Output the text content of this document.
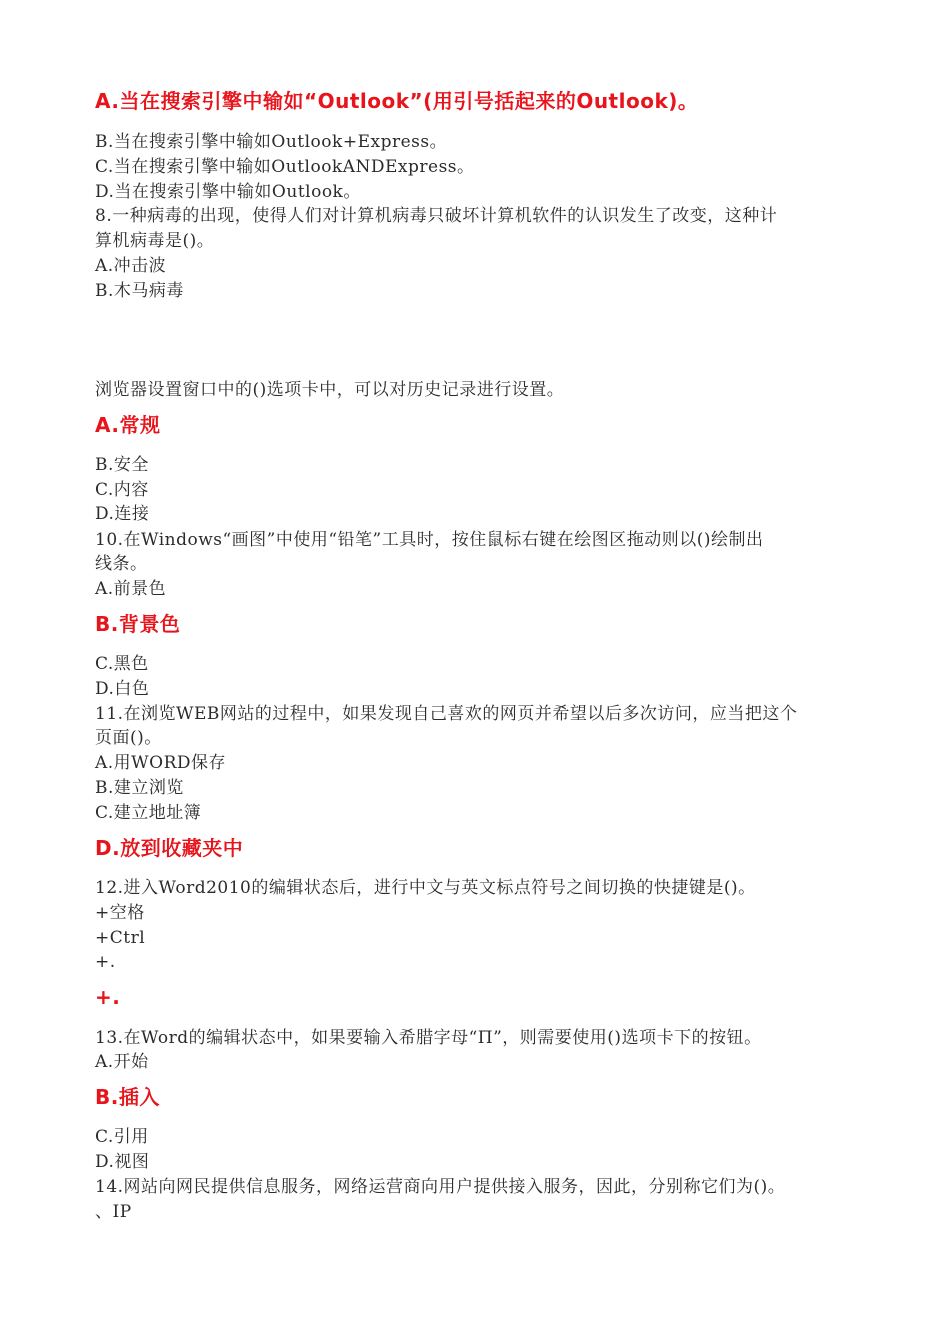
A.当在搜索引擎中输如“Outlook”(用引号括起来的Outlook)。
B.当在搜索引擎中输如Outlook+Express。
C.当在搜索引擎中输如OutlookANDExpress。
D.当在搜索引擎中输如Outlook。
8.一种病毒的出现，使得人们对计算机病毒只破坏计算机软件的认识发生了改变，这种计
算机病毒是()。
A.冲击波
B.木马病毒
浏览器设置窗口中的()选项卡中，可以对历史记录进行设置。
A.常规
B.安全
C.内容
D.连接
10.在Windows“画图”中使用“铅笔”工具时，按住鼠标右键在绘图区拖动则以()绘制出
线条。
A.前景色
B.背景色
C.黑色
D.白色
11.在浏览WEB网站的过程中，如果发现自己喜欢的网页并希望以后多次访问，应当把这个
页面()。
A.用WORD保存
B.建立浏览
C.建立地址簿
D.放到收藏夹中
12.进入Word2010的编辑状态后，进行中文与英文标点符号之间切换的快捷键是()。
+空格
+Ctrl
+.
+.
13.在Word的编辑状态中，如果要输入希腊字母“Π”，则需要使用()选项卡下的按钮。
A.开始
B.插入
C.引用
D.视图
14.网站向网民提供信息服务，网络运营商向用户提供接入服务，因此，分别称它们为()。
、IP
